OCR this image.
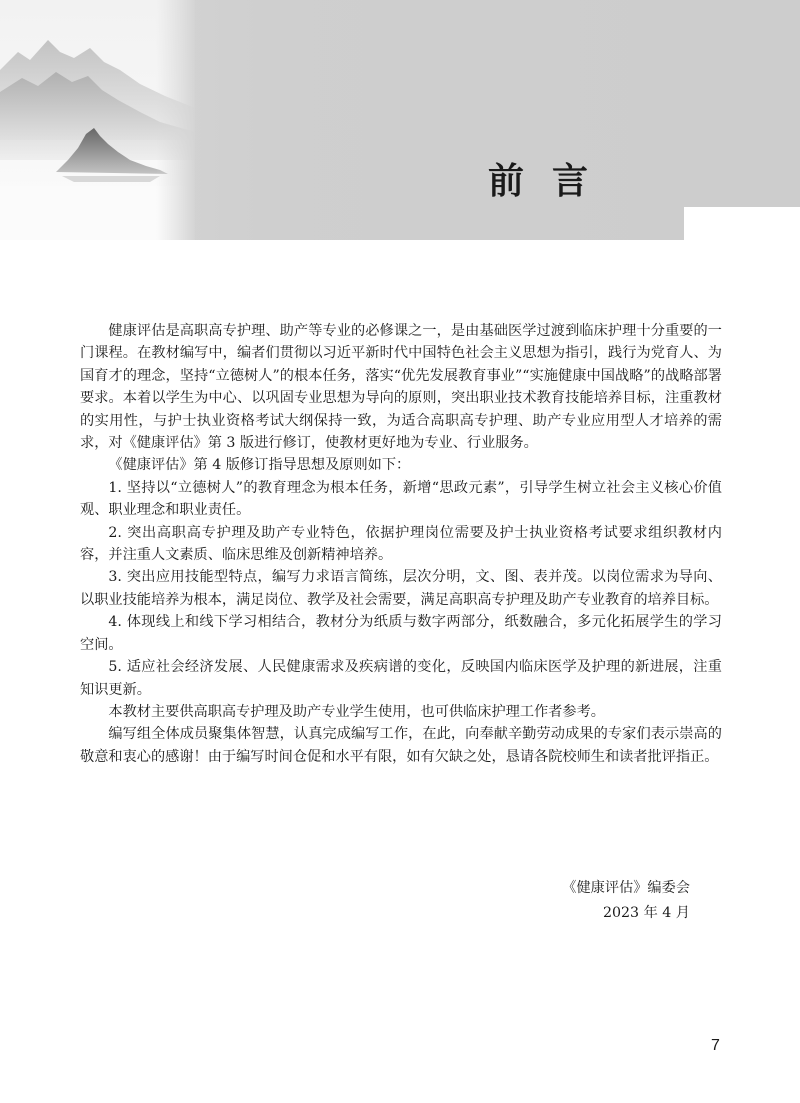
前言

健康评估是高职高专护理、助产等专业的必修课之一，是由基础医学过渡到临床护理十分重要的一门课程。在教材编写中，编者们贯彻以习近平新时代中国特色社会主义思想为指引，践行为党育人、为国育才的理念，坚持“立德树人”的根本任务，落实“优先发展教育事业”“实施健康中国战略”的战略部署要求。本着以学生为中心、以巩固专业思想为导向的原则，突出职业技术教育技能培养目标，注重教材的实用性，与护士执业资格考试大纲保持一致，为适合高职高专护理、助产专业应用型人才培养的需求，对《健康评估》第 3 版进行修订，使教材更好地为专业、行业服务。

《健康评估》第 4 版修订指导思想及原则如下：

1. 坚持以“立德树人”的教育理念为根本任务，新增“思政元素”，引导学生树立社会主义核心价值观、职业理念和职业责任。

2. 突出高职高专护理及助产专业特色，依据护理岗位需要及护士执业资格考试要求组织教材内容，并注重人文素质、临床思维及创新精神培养。

3. 突出应用技能型特点，编写力求语言简练，层次分明，文、图、表并茂。以岗位需求为导向、以职业技能培养为根本，满足岗位、教学及社会需要，满足高职高专护理及助产专业教育的培养目标。

4. 体现线上和线下学习相结合，教材分为纸质与数字两部分，纸数融合，多元化拓展学生的学习空间。

5. 适应社会经济发展、人民健康需求及疾病谱的变化，反映国内临床医学及护理的新进展，注重知识更新。

本教材主要供高职高专护理及助产专业学生使用，也可供临床护理工作者参考。

编写组全体成员聚集体智慧，认真完成编写工作，在此，向奉献辛勤劳动成果的专家们表示崇高的敬意和衷心的感谢！由于编写时间仓促和水平有限，如有欠缺之处，恳请各院校师生和读者批评指正。

《健康评估》编委会
2023 年 4 月
7
